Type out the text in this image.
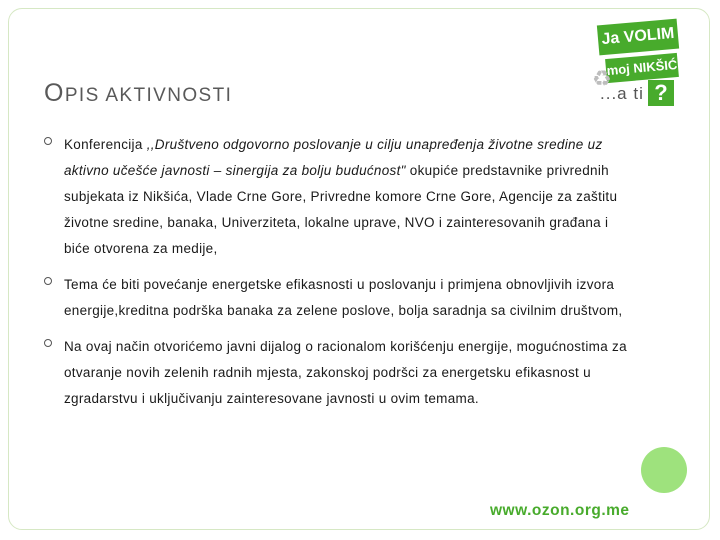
OPIS AKTIVNOSTI
Ja VOLIM
moj NIKŠIĆ
♻
...a ti ?
Konferencija ,,Društveno odgovorno poslovanje u cilju unapređenja životne sredine uz aktivno učešće javnosti – sinergija za bolju budućnost" okupiće predstavnike privrednih subjekata iz Nikšića, Vlade Crne Gore, Privredne komore Crne Gore, Agencije za zaštitu životne sredine, banaka, Univerziteta, lokalne uprave, NVO i zainteresovanih građana i biće otvorena za medije,
Tema će biti povećanje energetske efikasnosti u poslovanju i primjena obnovljivih izvora energije,kreditna podrška banaka za zelene poslove, bolja saradnja sa civilnim društvom,
Na ovaj način otvorićemo javni dijalog o racionalom korišćenju energije, mogućnostima za otvaranje novih zelenih radnih mjesta, zakonskoj podršci za energetsku efikasnost u zgradarstvu i uključivanju zainteresovane javnosti u ovim temama.
www.ozon.org.me
